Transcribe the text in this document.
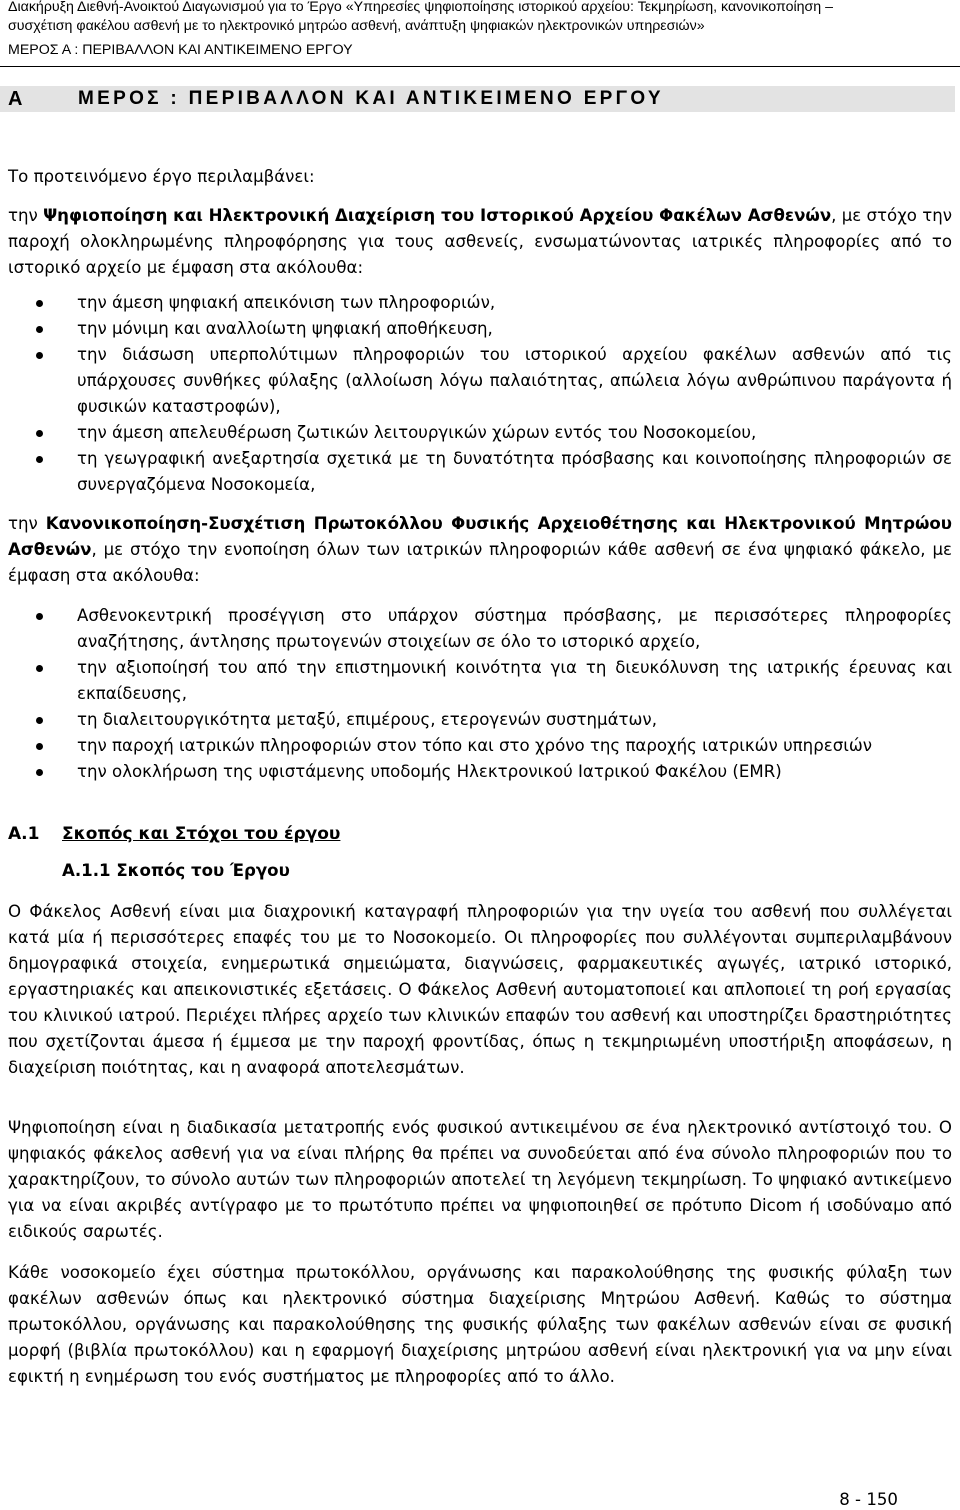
Διακήρυξη Διεθνή-Ανοικτού Διαγωνισμού για το Έργο «Υπηρεσίες ψηφιοποίησης ιστορικού αρχείου: Τεκμηρίωση, κανονικοποίηση –
συσχέτιση φακέλου ασθενή με το ηλεκτρονικό μητρώο ασθενή, ανάπτυξη ψηφιακών ηλεκτρονικών υπηρεσιών»
ΜΕΡΟΣ Α : ΠΕΡΙΒΑΛΛΟΝ ΚΑΙ ΑΝΤΙΚΕΙΜΕΝΟ ΕΡΓΟΥ
Α	ΜΕΡΟΣ : ΠΕΡΙΒΑΛΛΟΝ ΚΑΙ ΑΝΤΙΚΕΙΜΕΝΟ ΕΡΓΟΥ
Το προτεινόμενο έργο περιλαμβάνει:

την Ψηφιοποίηση και Ηλεκτρονική Διαχείριση του Ιστορικού Αρχείου Φακέλων Ασθενών, με στόχο την παροχή ολοκληρωμένης πληροφόρησης για τους ασθενείς, ενσωματώνοντας ιατρικές πληροφορίες από το ιστορικό αρχείο με έμφαση στα ακόλουθα:

την άμεση ψηφιακή απεικόνιση των πληροφοριών,
την μόνιμη και αναλλοίωτη ψηφιακή αποθήκευση,
την διάσωση υπερπολύτιμων πληροφοριών του ιστορικού αρχείου φακέλων ασθενών από τις υπάρχουσες συνθήκες φύλαξης (αλλοίωση λόγω παλαιότητας, απώλεια λόγω ανθρώπινου παράγοντα ή φυσικών καταστροφών),
την άμεση απελευθέρωση ζωτικών λειτουργικών χώρων εντός του Νοσοκομείου,
τη γεωγραφική ανεξαρτησία σχετικά με τη δυνατότητα πρόσβασης και κοινοποίησης πληροφοριών σε συνεργαζόμενα Νοσοκομεία,

την Κανονικοποίηση-Συσχέτιση Πρωτοκόλλου Φυσικής Αρχειοθέτησης και Ηλεκτρονικού Μητρώου Ασθενών, με στόχο την ενοποίηση όλων των ιατρικών πληροφοριών κάθε ασθενή σε ένα ψηφιακό φάκελο, με έμφαση στα ακόλουθα:

Ασθενοκεντρική προσέγγιση στο υπάρχον σύστημα πρόσβασης, με περισσότερες πληροφορίες αναζήτησης, άντλησης πρωτογενών στοιχείων σε όλο το ιστορικό αρχείο,
την αξιοποίησή του από την επιστημονική κοινότητα για τη διευκόλυνση της ιατρικής έρευνας και εκπαίδευσης,
τη διαλειτουργικότητα μεταξύ, επιμέρους, ετερογενών συστημάτων,
την παροχή ιατρικών πληροφοριών στον τόπο και στο χρόνο της παροχής ιατρικών υπηρεσιών
την ολοκλήρωση της υφιστάμενης υποδομής Ηλεκτρονικού Ιατρικού Φακέλου (EMR)
Α.1 Σκοπός και Στόχοι του έργου
Α.1.1 Σκοπός του Έργου
Ο Φάκελος Ασθενή είναι μια διαχρονική καταγραφή πληροφοριών για την υγεία του ασθενή που συλλέγεται κατά μία ή περισσότερες επαφές του με το Νοσοκομείο. Οι πληροφορίες που συλλέγονται συμπεριλαμβάνουν δημογραφικά στοιχεία, ενημερωτικά σημειώματα, διαγνώσεις, φαρμακευτικές αγωγές, ιατρικό ιστορικό, εργαστηριακές και απεικονιστικές εξετάσεις. Ο Φάκελος Ασθενή αυτοματοποιεί και απλοποιεί τη ροή εργασίας του κλινικού ιατρού. Περιέχει πλήρες αρχείο των κλινικών επαφών του ασθενή και υποστηρίζει δραστηριότητες που σχετίζονται άμεσα ή έμμεσα με την παροχή φροντίδας, όπως η τεκμηριωμένη υποστήριξη αποφάσεων, η διαχείριση ποιότητας, και η αναφορά αποτελεσμάτων.
Ψηφιοποίηση είναι η διαδικασία μετατροπής ενός φυσικού αντικειμένου σε ένα ηλεκτρονικό αντίστοιχό του. Ο ψηφιακός φάκελος ασθενή για να είναι πλήρης θα πρέπει να συνοδεύεται από ένα σύνολο πληροφοριών που το χαρακτηρίζουν, το σύνολο αυτών των πληροφοριών αποτελεί τη λεγόμενη τεκμηρίωση. Το ψηφιακό αντικείμενο για να είναι ακριβές αντίγραφο με το πρωτότυπο πρέπει να ψηφιοποιηθεί σε πρότυπο Dicom ή ισοδύναμο από ειδικούς σαρωτές.
Κάθε νοσοκομείο έχει σύστημα πρωτοκόλλου, οργάνωσης και παρακολούθησης της φυσικής φύλαξη των φακέλων ασθενών όπως και ηλεκτρονικό σύστημα διαχείρισης Μητρώου Ασθενή. Καθώς το σύστημα πρωτοκόλλου, οργάνωσης και παρακολούθησης της φυσικής φύλαξης των φακέλων ασθενών είναι σε φυσική μορφή (βιβλία πρωτοκόλλου) και η εφαρμογή διαχείρισης μητρώου ασθενή είναι ηλεκτρονική για να μην είναι εφικτή η ενημέρωση του ενός συστήματος με πληροφορίες από το άλλο.
8 - 150
